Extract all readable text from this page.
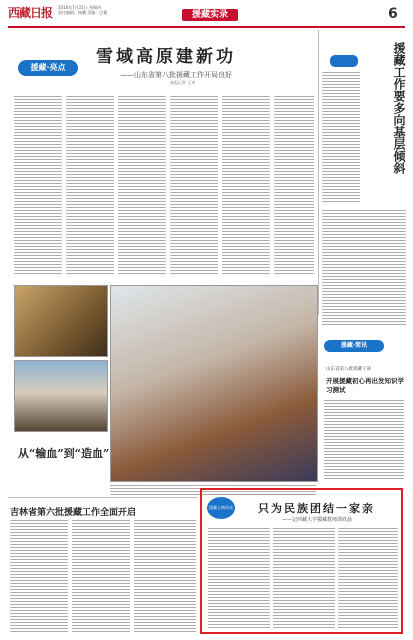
西藏日报 2016年7月21日 星期四
责任编辑：杨鹏 美编：巴桑	援藏实录	6
援藏·亮点
雪域高原建新功
——山东省第八批援藏工作开局良好
本报记者 王卓	援藏工作要多向基层倾斜
从“输血”到“造血”
援藏·简讯
山东省第八批援藏干部
开展援藏初心再出发知识学习测试
吉林省第六批援藏工作全面开启
援藏人物风采 只为民族团结一家亲
——记西藏大学援藏教师郭欣晨
